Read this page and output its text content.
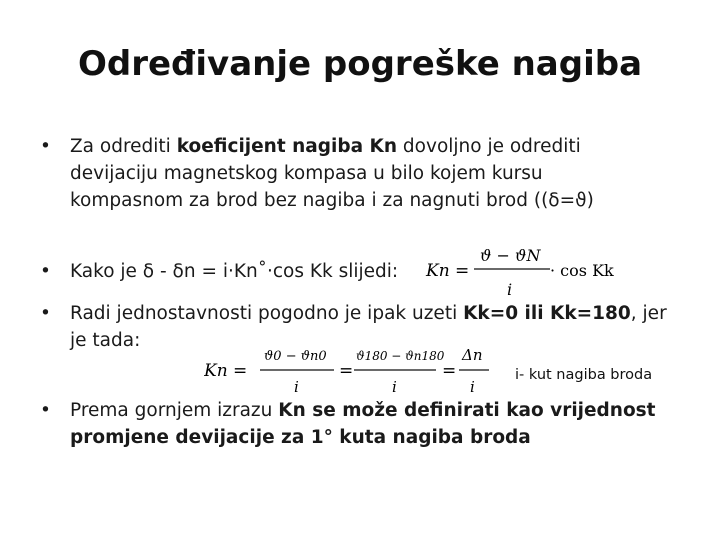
Određivanje pogreške nagiba
• Za odrediti koeficijent nagiba Kn dovoljno je odrediti
devijaciju magnetskog kompasa u bilo kojem kursu
kompasnom za brod bez nagiba i za nagnuti brod ((δ=ϑ)
• Kako je δ - δn = i·Kn˚·cos Kk slijedi: Kn =
ϑ − ϑN
i
· cos Kk
• Radi jednostavnosti pogodno je ipak uzeti Kk=0 ili Kk=180, jer
je tada:
Kn =
ϑ0 − ϑn0
i
=
ϑ180 − ϑn180
i
=
Δn
i
i- kut nagiba broda
• Prema gornjem izrazu Kn se može definirati kao vrijednost
promjene devijacije za 1° kuta nagiba broda
